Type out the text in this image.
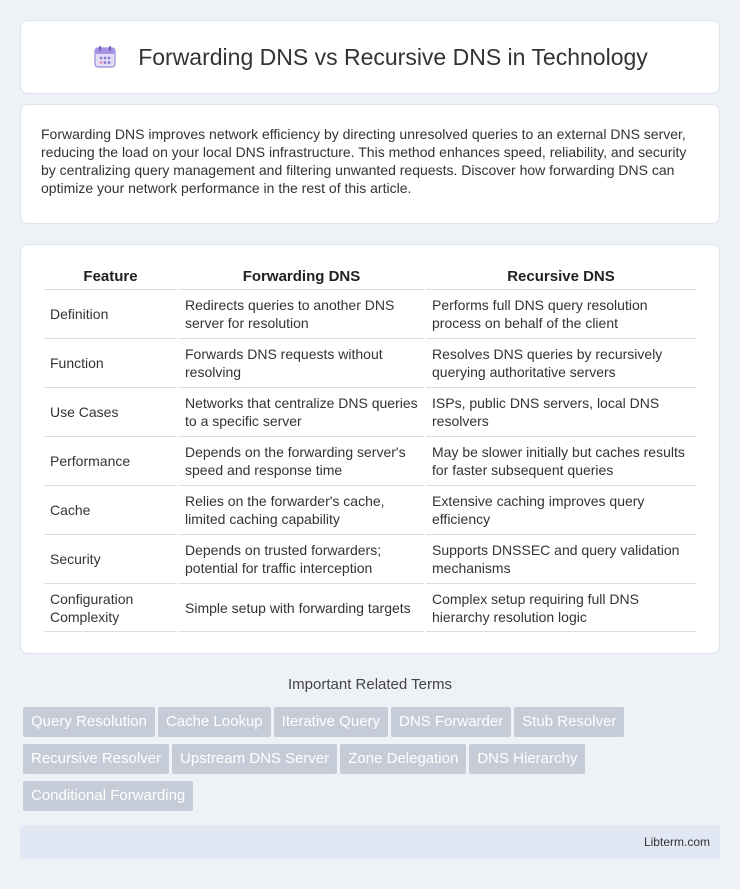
Forwarding DNS vs Recursive DNS in Technology

Forwarding DNS improves network efficiency by directing unresolved queries to an external DNS server, reducing the load on your local DNS infrastructure. This method enhances speed, reliability, and security by centralizing query management and filtering unwanted requests. Discover how forwarding DNS can optimize your network performance in the rest of this article.

Feature	Forwarding DNS	Recursive DNS
Definition	Redirects queries to another DNS server for resolution	Performs full DNS query resolution process on behalf of the client
Function	Forwards DNS requests without resolving	Resolves DNS queries by recursively querying authoritative servers
Use Cases	Networks that centralize DNS queries to a specific server	ISPs, public DNS servers, local DNS resolvers
Performance	Depends on the forwarding server's speed and response time	May be slower initially but caches results for faster subsequent queries
Cache	Relies on the forwarder's cache, limited caching capability	Extensive caching improves query efficiency
Security	Depends on trusted forwarders; potential for traffic interception	Supports DNSSEC and query validation mechanisms
Configuration Complexity	Simple setup with forwarding targets	Complex setup requiring full DNS hierarchy resolution logic
Important Related Terms
Query Resolution Cache Lookup Iterative Query DNS Forwarder Stub Resolver
Recursive Resolver Upstream DNS Server Zone Delegation DNS Hierarchy
Conditional Forwarding
Libterm.com
